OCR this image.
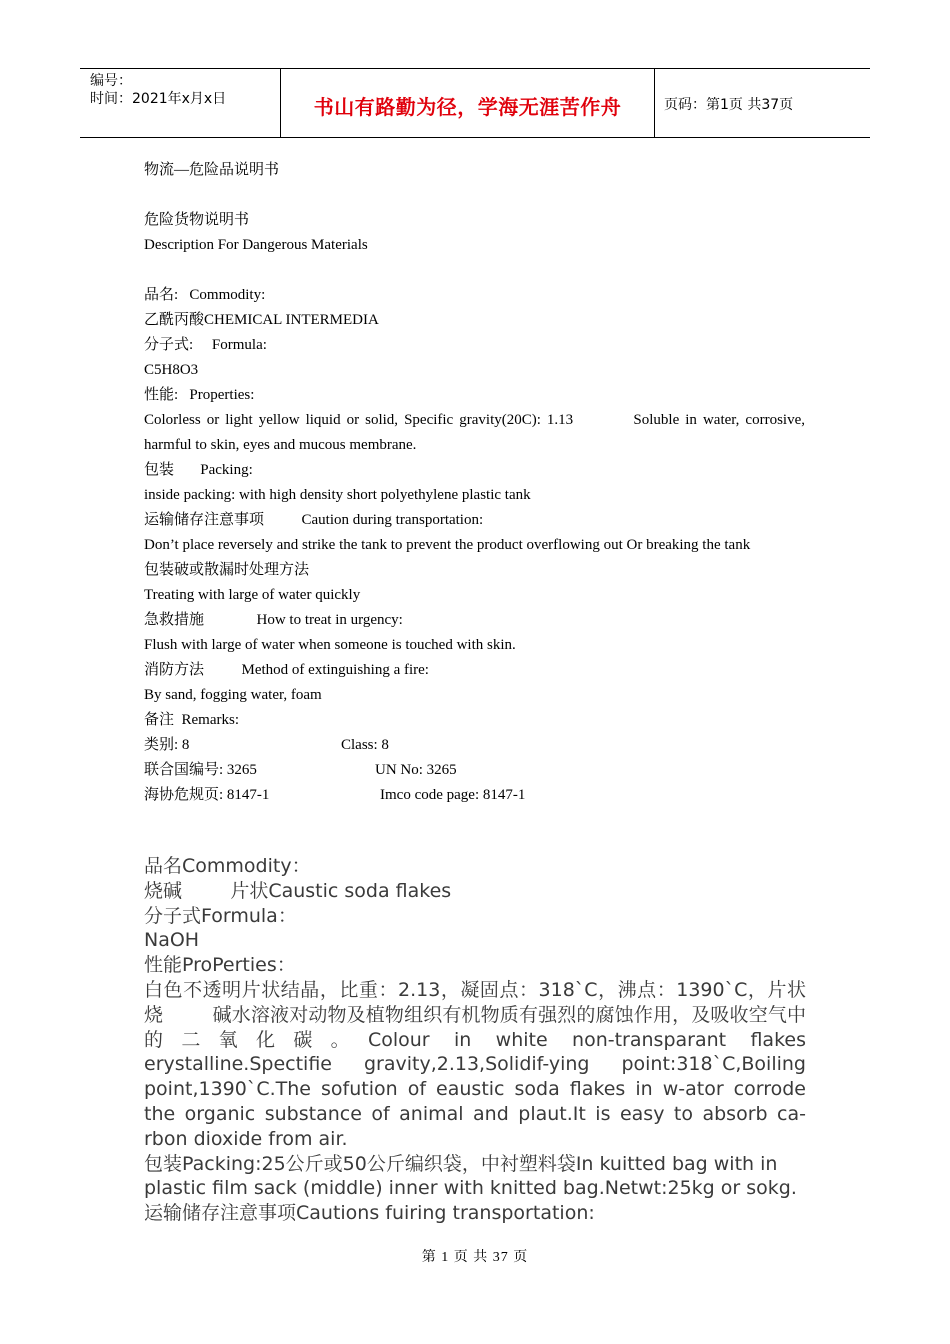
编号：
时间：2021年x月x日	书山有路勤为径，学海无涯苦作舟	页码：第1页 共37页

物流—危险品说明书

危险货物说明书

Description For Dangerous Materials

品名:   Commodity:

乙酰丙酸CHEMICAL INTERMEDIA

分子式:     Formula:

C5H8O3

性能:   Properties:

Colorless or light yellow liquid or solid, Specific gravity(20C): 1.13          Soluble in water, corrosive, harmful to skin, eyes and mucous membrane.

包装       Packing:

inside packing: with high density short polyethylene plastic tank

运输储存注意事项          Caution during transportation:

Don’t place reversely and strike the tank to prevent the product overflowing out Or breaking the tank

包装破或散漏时处理方法

Treating with large of water quickly

急救措施              How to treat in urgency:

Flush with large of water when someone is touched with skin.

消防方法          Method of extinguishing a fire:

By sand, fogging water, foam

备注  Remarks:

类别: 8	Class: 8
联合国编号: 3265	UN No: 3265
海协危规页: 8147-1	Imco code page: 8147-1

品名Commodity：

烧碱        片状Caustic soda flakes

分子式Formula：

NaOH

性能ProPerties：

白色不透明片状结晶，比重：2.13，凝固点：318`C，沸点：1390`C，片状烧        碱水溶液对动物及植物组织有机物质有强烈的腐蚀作用，及吸收空气中的二氧化碳。Colour in white non-transparant flakes erystalline.Spectifie gravity,2.13,Solidif-ying point:318`C,Boiling point,1390`C.The sofution of eaustic soda flakes in w-ator corrode the organic substance of animal and plaut.It is easy to absorb ca-rbon dioxide from air.

包装Packing:25公斤或50公斤编织袋，中衬塑料袋In kuitted bag with in plastic film sack (middle) inner with knitted bag.Netwt:25kg or sokg.

运输储存注意事项Cautions fuiring transportation:

第 1 页 共 37 页
